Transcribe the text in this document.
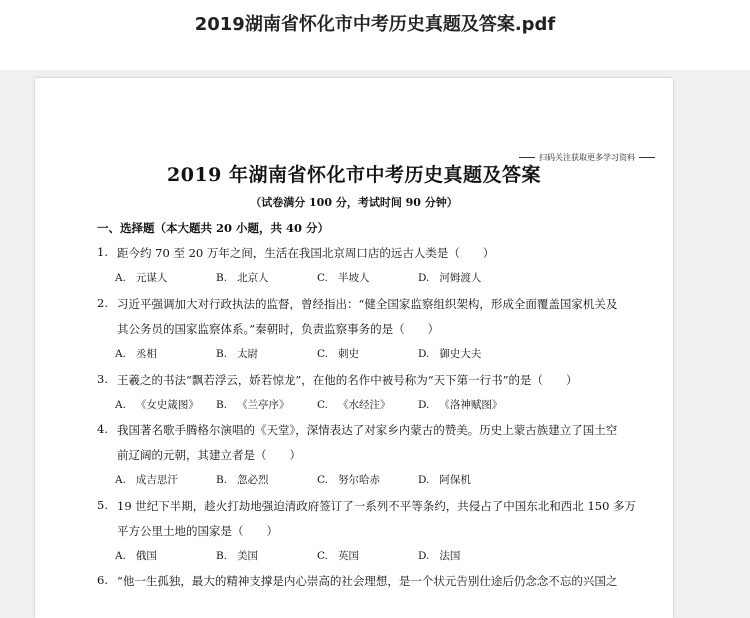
2019湖南省怀化市中考历史真题及答案.pdf
扫码关注获取更多学习资料
2019 年湖南省怀化市中考历史真题及答案
（试卷满分 100 分，考试时间 90 分钟）
一、选择题（本大题共 20 小题，共 40 分）
1. 距今约 70 至 20 万年之间，生活在我国北京周口店的远古人类是（　　）
A. 元谋人	B. 北京人	C. 半坡人	D. 河姆渡人
2. 习近平强调加大对行政执法的监督，曾经指出：“健全国家监察组织架构，形成全面覆盖国家机关及
其公务员的国家监察体系。”秦朝时，负责监察事务的是（　　）
A. 丞相	B. 太尉	C. 刺史	D. 御史大夫
3. 王羲之的书法“飘若浮云，娇若惊龙”，在他的名作中被号称为“天下第一行书”的是（　　）
A. 《女史箴图》 B. 《兰亭序》	C. 《水经注》	D. 《洛神赋图》
4. 我国著名歌手腾格尔演唱的《天堂》，深情表达了对家乡内蒙古的赞美。历史上蒙古族建立了国土空
前辽阔的元朝，其建立者是（　　）
A. 成吉思汗	B. 忽必烈	C. 努尔哈赤	D. 阿保机
5. 19 世纪下半期，趁火打劫地强迫清政府签订了一系列不平等条约，共侵占了中国东北和西北 150 多万
平方公里土地的国家是（　　）
A. 俄国	B. 美国	C. 英国	D. 法国
6. “他一生孤独，最大的精神支撑是内心崇高的社会理想，是一个状元告别仕途后仍念念不忘的兴国之
